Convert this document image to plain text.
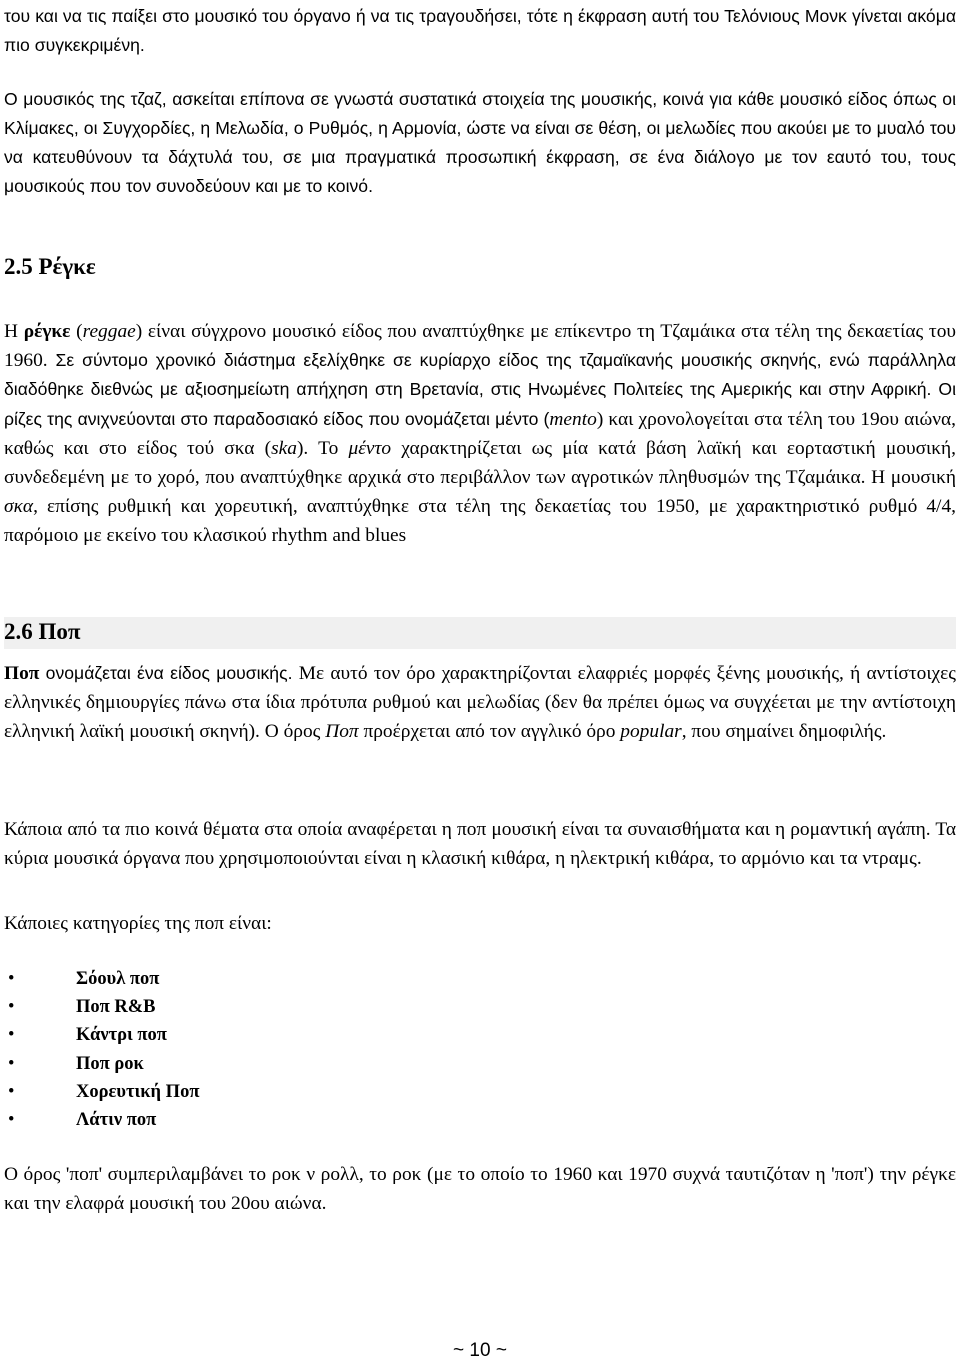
του και να τις παίξει στο μουσικό του όργανο ή να τις τραγουδήσει, τότε η έκφραση αυτή του Τελόνιους Μονκ γίνεται ακόμα πιο συγκεκριμένη.

Ο μουσικός της τζαζ, ασκείται επίπονα σε γνωστά συστατικά στοιχεία της μουσικής, κοινά για κάθε μουσικό είδος όπως οι Κλίμακες, οι Συγχορδίες, η Μελωδία, ο Ρυθμός, η Αρμονία, ώστε να είναι σε θέση, οι μελωδίες που ακούει με το μυαλό του να κατευθύνουν τα δάχτυλά του, σε μια πραγματικά προσωπική έκφραση, σε ένα διάλογο με τον εαυτό του, τους μουσικούς που τον συνοδεύουν και με το κοινό.

2.5 Ρέγκε

Η ρέγκε (reggae) είναι σύγχρονο μουσικό είδος που αναπτύχθηκε με επίκεντρο τη Τζαμάικα στα τέλη της δεκαετίας του 1960. Σε σύντομο χρονικό διάστημα εξελίχθηκε σε κυρίαρχο είδος της τζαμαϊκανής μουσικής σκηνής, ενώ παράλληλα διαδόθηκε διεθνώς με αξιοσημείωτη απήχηση στη Βρετανία, στις Ηνωμένες Πολιτείες της Αμερικής και στην Αφρική. Οι ρίζες της ανιχνεύονται στο παραδοσιακό είδος που ονομάζεται μέντο (mento) και χρονολογείται στα τέλη του 19ου αιώνα, καθώς και στο είδος τού σκα (ska). Το μέντο χαρακτηρίζεται ως μία κατά βάση λαϊκή και εορταστική μουσική, συνδεδεμένη με το χορό, που αναπτύχθηκε αρχικά στο περιβάλλον των αγροτικών πληθυσμών της Τζαμάικα. Η μουσική σκα, επίσης ρυθμική και χορευτική, αναπτύχθηκε στα τέλη της δεκαετίας του 1950, με χαρακτηριστικό ρυθμό 4/4, παρόμοιο με εκείνο του κλασικού rhythm and blues

2.6 Ποπ

Ποπ ονομάζεται ένα είδος μουσικής. Με αυτό τον όρο χαρακτηρίζονται ελαφριές μορφές ξένης μουσικής, ή αντίστοιχες ελληνικές δημιουργίες πάνω στα ίδια πρότυπα ρυθμού και μελωδίας (δεν θα πρέπει όμως να συγχέεται με την αντίστοιχη ελληνική λαϊκή μουσική σκηνή). Ο όρος Ποπ προέρχεται από τον αγγλικό όρο popular, που σημαίνει δημοφιλής.

Κάποια από τα πιο κοινά θέματα στα οποία αναφέρεται η ποπ μουσική είναι τα συναισθήματα και η ρομαντική αγάπη. Τα κύρια μουσικά όργανα που χρησιμοποιούνται είναι η κλασική κιθάρα, η ηλεκτρική κιθάρα, το αρμόνιο και τα ντραμς.

Κάποιες κατηγορίες της ποπ είναι:

•	Σόουλ ποπ
•	Ποπ R&B
•	Κάντρι ποπ
•	Ποπ ροκ
•	Χορευτική Ποπ
•	Λάτιν ποπ

Ο όρος 'ποπ' συμπεριλαμβάνει το ροκ ν ρολλ, το ροκ (με το οποίο το 1960 και 1970 συχνά ταυτιζόταν η 'ποπ') την ρέγκε και την ελαφρά μουσική του 20ου αιώνα.

~ 10 ~
